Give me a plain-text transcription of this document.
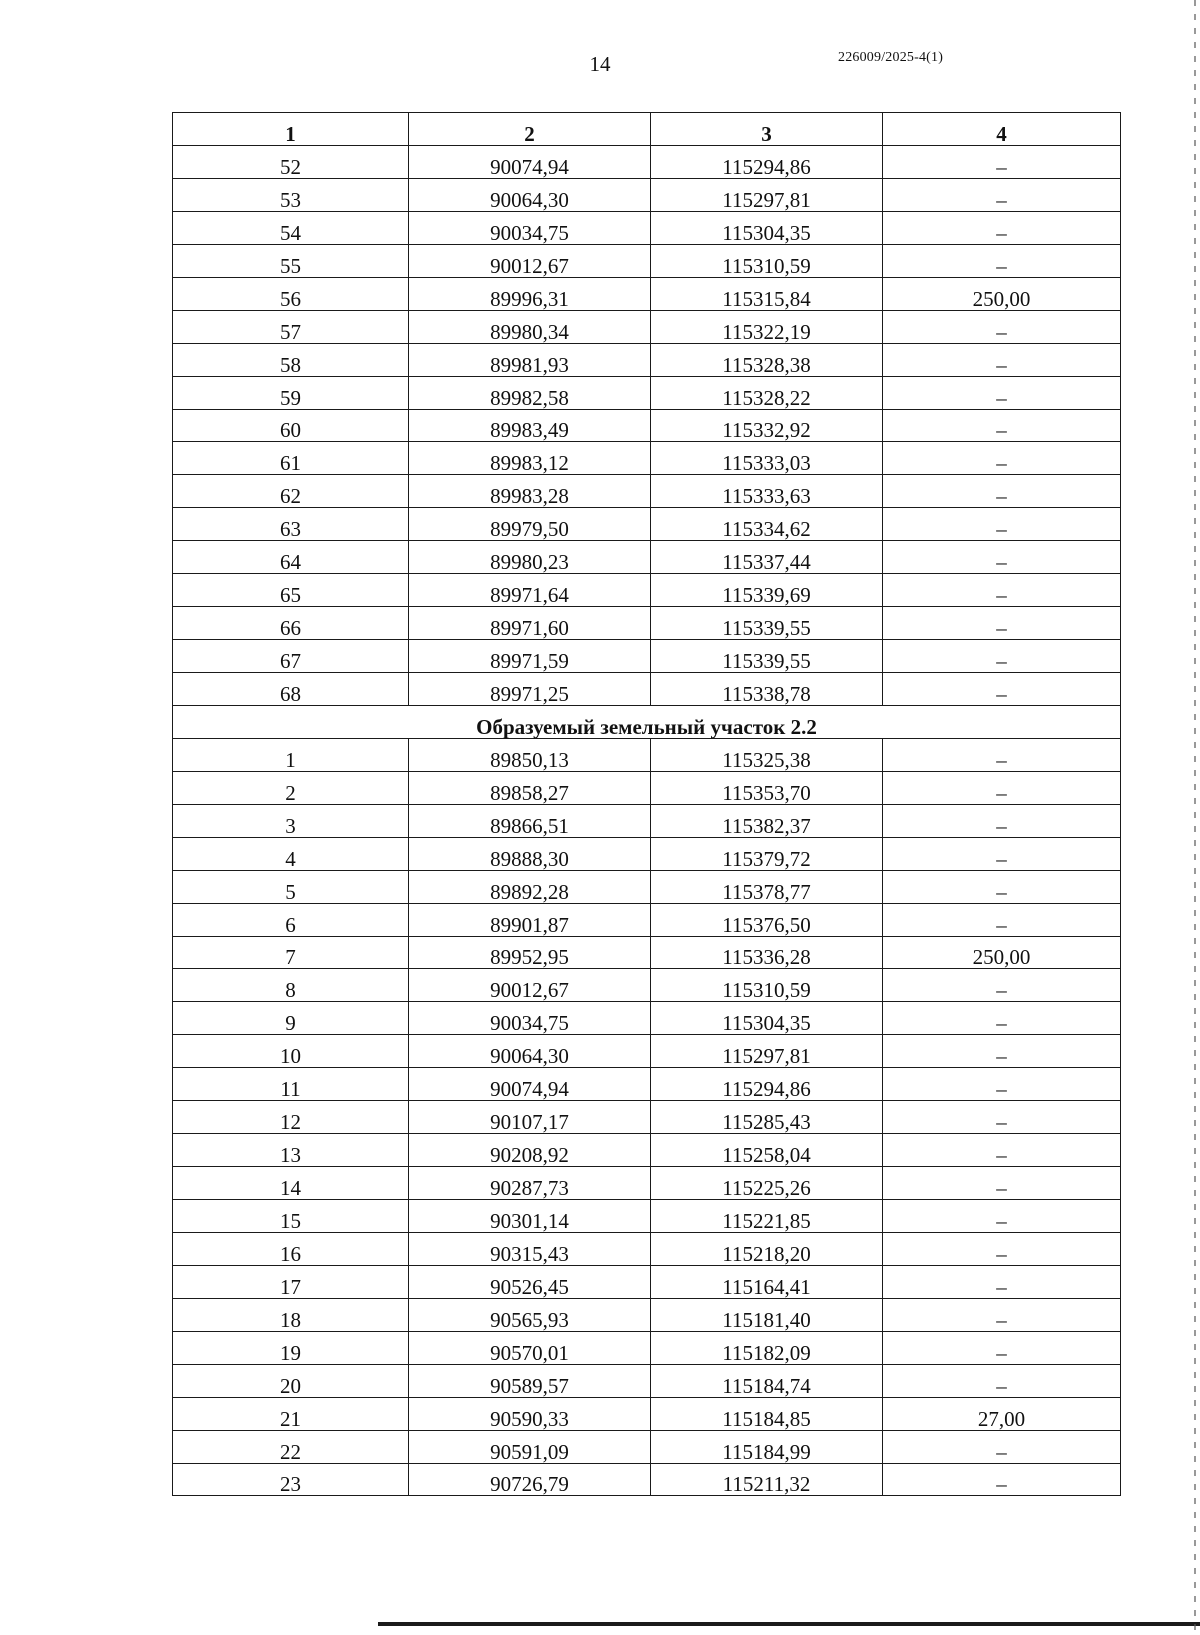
14	226009/2025-4(1)
1	2	3	4
52	90074,94	115294,86	–
53	90064,30	115297,81	–
54	90034,75	115304,35	–
55	90012,67	115310,59	–
56	89996,31	115315,84	250,00
57	89980,34	115322,19	–
58	89981,93	115328,38	–
59	89982,58	115328,22	–
60	89983,49	115332,92	–
61	89983,12	115333,03	–
62	89983,28	115333,63	–
63	89979,50	115334,62	–
64	89980,23	115337,44	–
65	89971,64	115339,69	–
66	89971,60	115339,55	–
67	89971,59	115339,55	–
68	89971,25	115338,78	–
Образуемый земельный участок 2.2			
1	89850,13	115325,38	–
2	89858,27	115353,70	–
3	89866,51	115382,37	–
4	89888,30	115379,72	–
5	89892,28	115378,77	–
6	89901,87	115376,50	–
7	89952,95	115336,28	250,00
8	90012,67	115310,59	–
9	90034,75	115304,35	–
10	90064,30	115297,81	–
11	90074,94	115294,86	–
12	90107,17	115285,43	–
13	90208,92	115258,04	–
14	90287,73	115225,26	–
15	90301,14	115221,85	–
16	90315,43	115218,20	–
17	90526,45	115164,41	–
18	90565,93	115181,40	–
19	90570,01	115182,09	–
20	90589,57	115184,74	–
21	90590,33	115184,85	27,00
22	90591,09	115184,99	–
23	90726,79	115211,32	–
